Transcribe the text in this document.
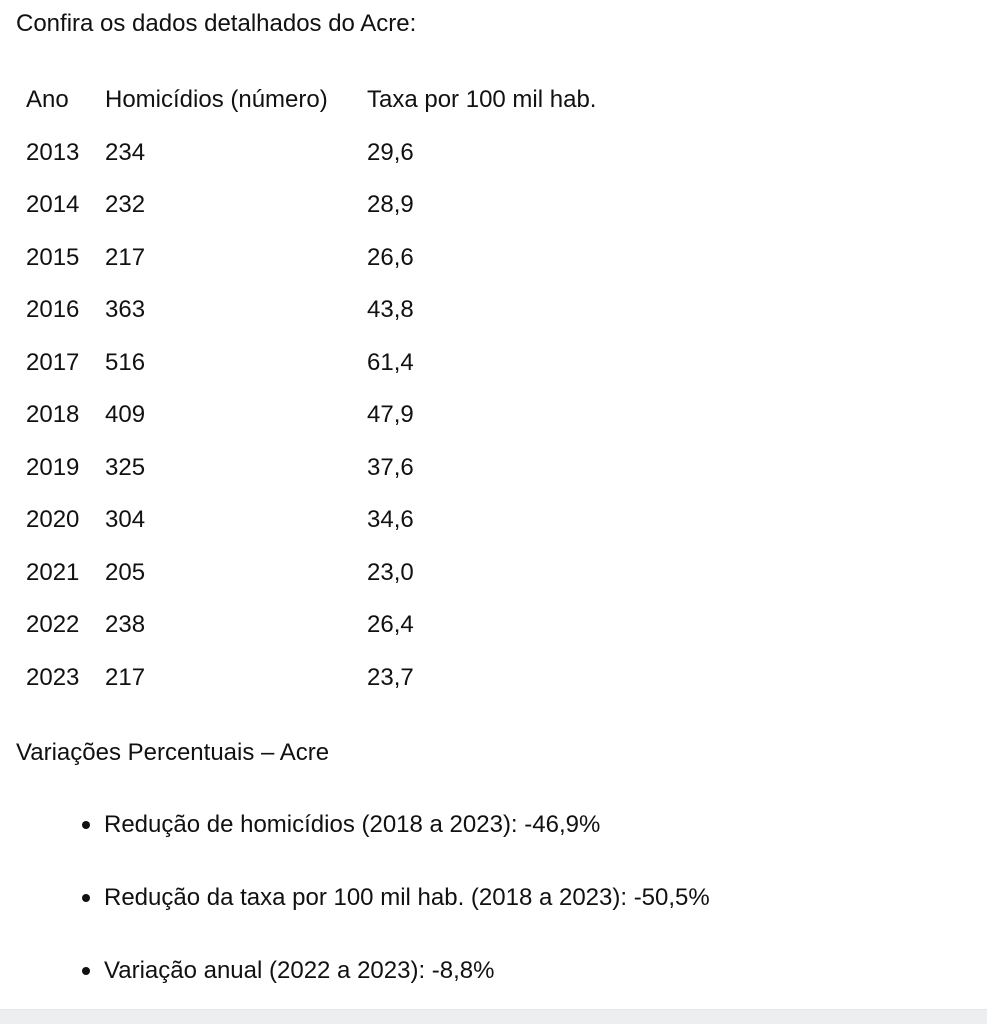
Confira os dados detalhados do Acre:

Ano	Homicídios (número)	Taxa por 100 mil hab.
2013	234	29,6
2014	232	28,9
2015	217	26,6
2016	363	43,8
2017	516	61,4
2018	409	47,9
2019	325	37,6
2020	304	34,6
2021	205	23,0
2022	238	26,4
2023	217	23,7
Variações Percentuais – Acre
Redução de homicídios (2018 a 2023): -46,9%
Redução da taxa por 100 mil hab. (2018 a 2023): -50,5%
Variação anual (2022 a 2023): -8,8%
